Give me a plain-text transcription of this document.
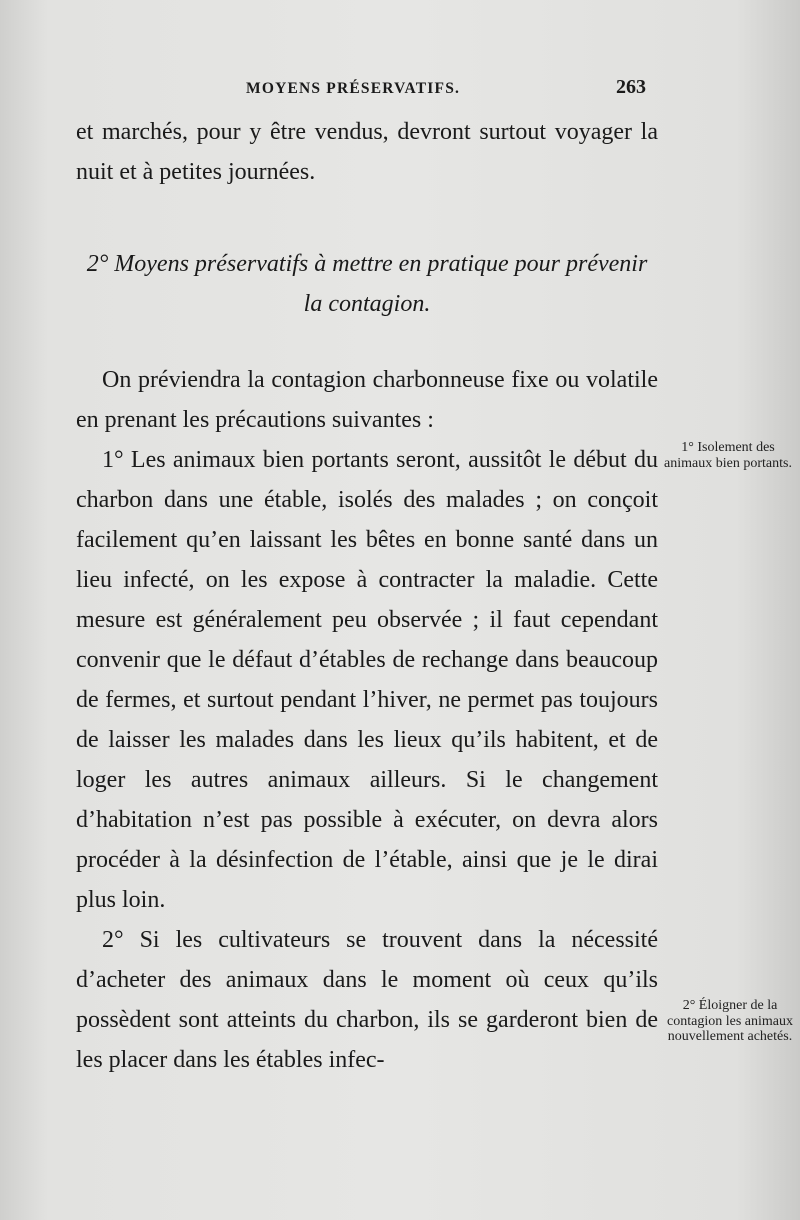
MOYENS PRÉSERVATIFS.	263

et marchés, pour y être vendus, devront surtout voyager la nuit et à petites journées.

2° Moyens préservatifs à mettre en pratique pour prévenir la contagion.

On préviendra la contagion charbonneuse fixe ou volatile en prenant les précautions suivantes :

1° Les animaux bien portants seront, aussitôt le début du charbon dans une étable, isolés des malades ; on conçoit facilement qu’en laissant les bêtes en bonne santé dans un lieu infecté, on les expose à contracter la maladie. Cette mesure est généralement peu observée ; il faut cependant convenir que le défaut d’étables de rechange dans beaucoup de fermes, et surtout pendant l’hiver, ne permet pas toujours de laisser les malades dans les lieux qu’ils habitent, et de loger les autres animaux ailleurs. Si le changement d’habitation n’est pas possible à exécuter, on devra alors procéder à la désinfection de l’étable, ainsi que je le dirai plus loin.

2° Si les cultivateurs se trouvent dans la nécessité d’acheter des animaux dans le moment où ceux qu’ils possèdent sont atteints du charbon, ils se garderont bien de les placer dans les étables infec-

1° Isolement des animaux bien portants.
2° Éloigner de la contagion les animaux nouvellement achetés.
